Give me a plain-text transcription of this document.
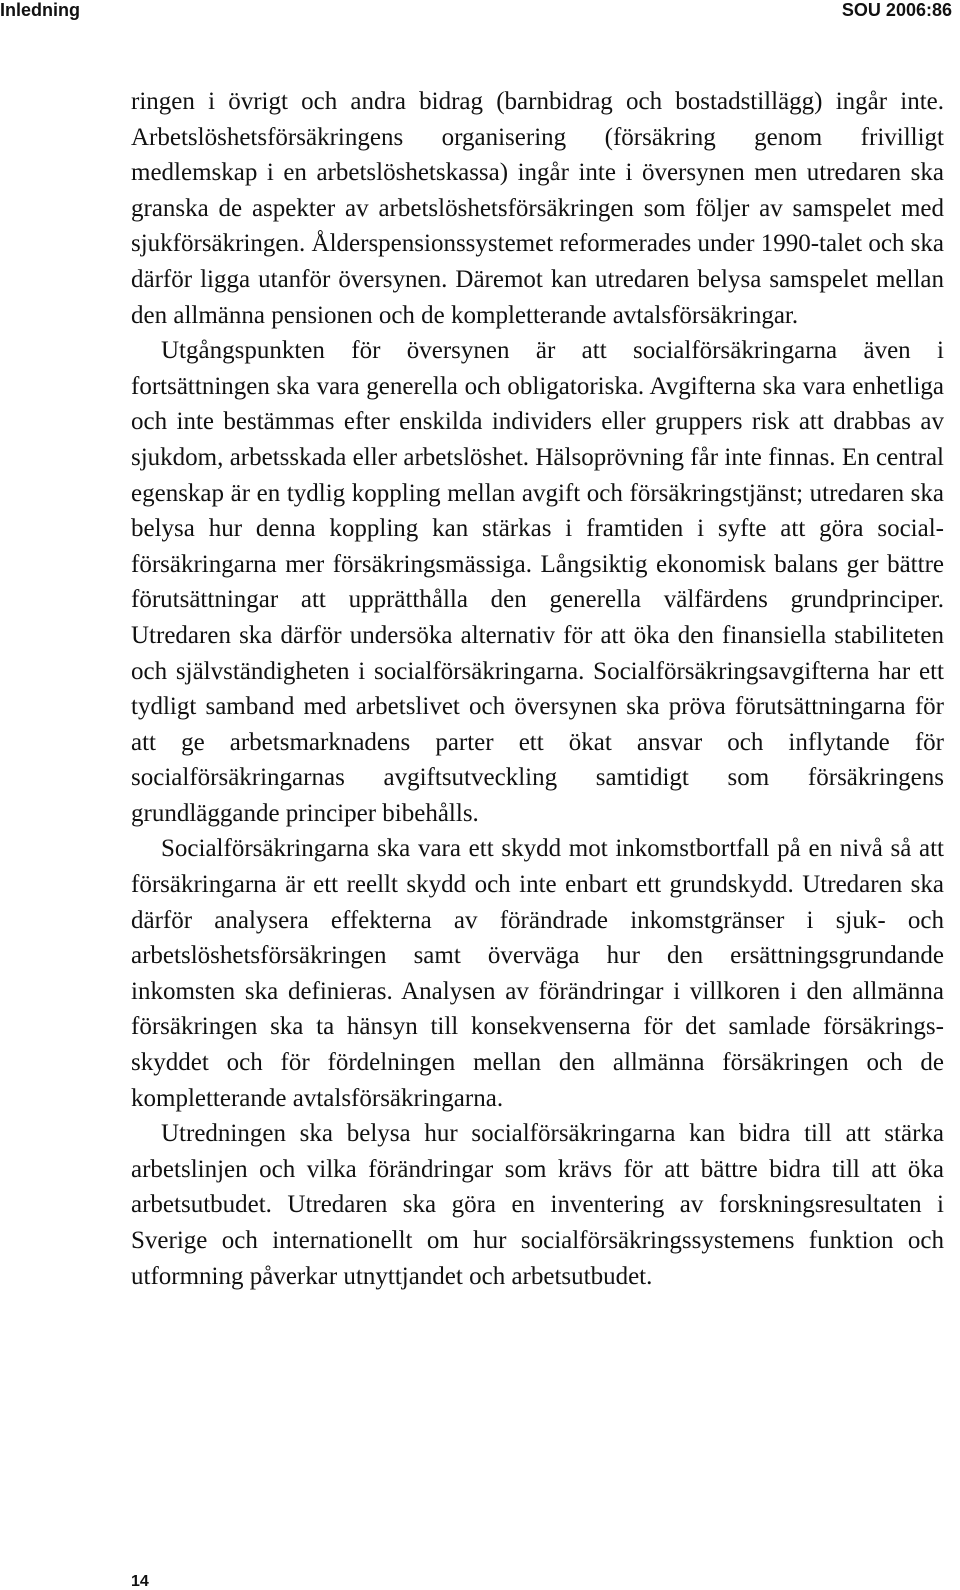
Inledning	SOU 2006:86

ringen i övrigt och andra bidrag (barnbidrag och bostadstillägg) ingår inte. Arbetslöshetsförsäkringens organisering (försäkring genom frivilligt medlemskap i en arbetslöshetskassa) ingår inte i översynen men utredaren ska granska de aspekter av arbetslöshetsförsäkringen som följer av samspelet med sjukförsäkringen. Ålderspensionssystemet reformerades under 1990-talet och ska därför ligga utanför översynen. Däremot kan utredaren belysa samspelet mellan den allmänna pensionen och de kompletterande avtalsförsäkringar.

Utgångspunkten för översynen är att socialförsäkringarna även i fortsättningen ska vara generella och obligatoriska. Avgifterna ska vara enhetliga och inte bestämmas efter enskilda individers eller gruppers risk att drabbas av sjukdom, arbetsskada eller arbetslöshet. Hälsoprövning får inte finnas. En central egenskap är en tydlig koppling mellan avgift och försäkringstjänst; utredaren ska belysa hur denna koppling kan stärkas i framtiden i syfte att göra socialförsäkringarna mer försäkringsmässiga. Långsiktig ekonomisk balans ger bättre förutsättningar att upprätthålla den generella välfärdens grundprinciper. Utredaren ska därför undersöka alternativ för att öka den finansiella stabiliteten och självständigheten i socialförsäkringarna. Socialförsäkringsavgifterna har ett tydligt samband med arbetslivet och översynen ska pröva förutsättningarna för att ge arbetsmarknadens parter ett ökat ansvar och inflytande för socialförsäkringarnas avgiftsutveckling samtidigt som försäkringens grundläggande principer bibehålls.

Socialförsäkringarna ska vara ett skydd mot inkomstbortfall på en nivå så att försäkringarna är ett reellt skydd och inte enbart ett grundskydd. Utredaren ska därför analysera effekterna av förändrade inkomstgränser i sjuk- och arbetslöshetsförsäkringen samt överväga hur den ersättningsgrundande inkomsten ska definieras. Analysen av förändringar i villkoren i den allmänna försäkringen ska ta hänsyn till konsekvenserna för det samlade försäkringsskyddet och för fördelningen mellan den allmänna försäkringen och de kompletterande avtalsförsäkringarna.

Utredningen ska belysa hur socialförsäkringarna kan bidra till att stärka arbetslinjen och vilka förändringar som krävs för att bättre bidra till att öka arbetsutbudet. Utredaren ska göra en inventering av forskningsresultaten i Sverige och internationellt om hur socialförsäkringssystemens funktion och utformning påverkar utnyttjandet och arbetsutbudet.

14
